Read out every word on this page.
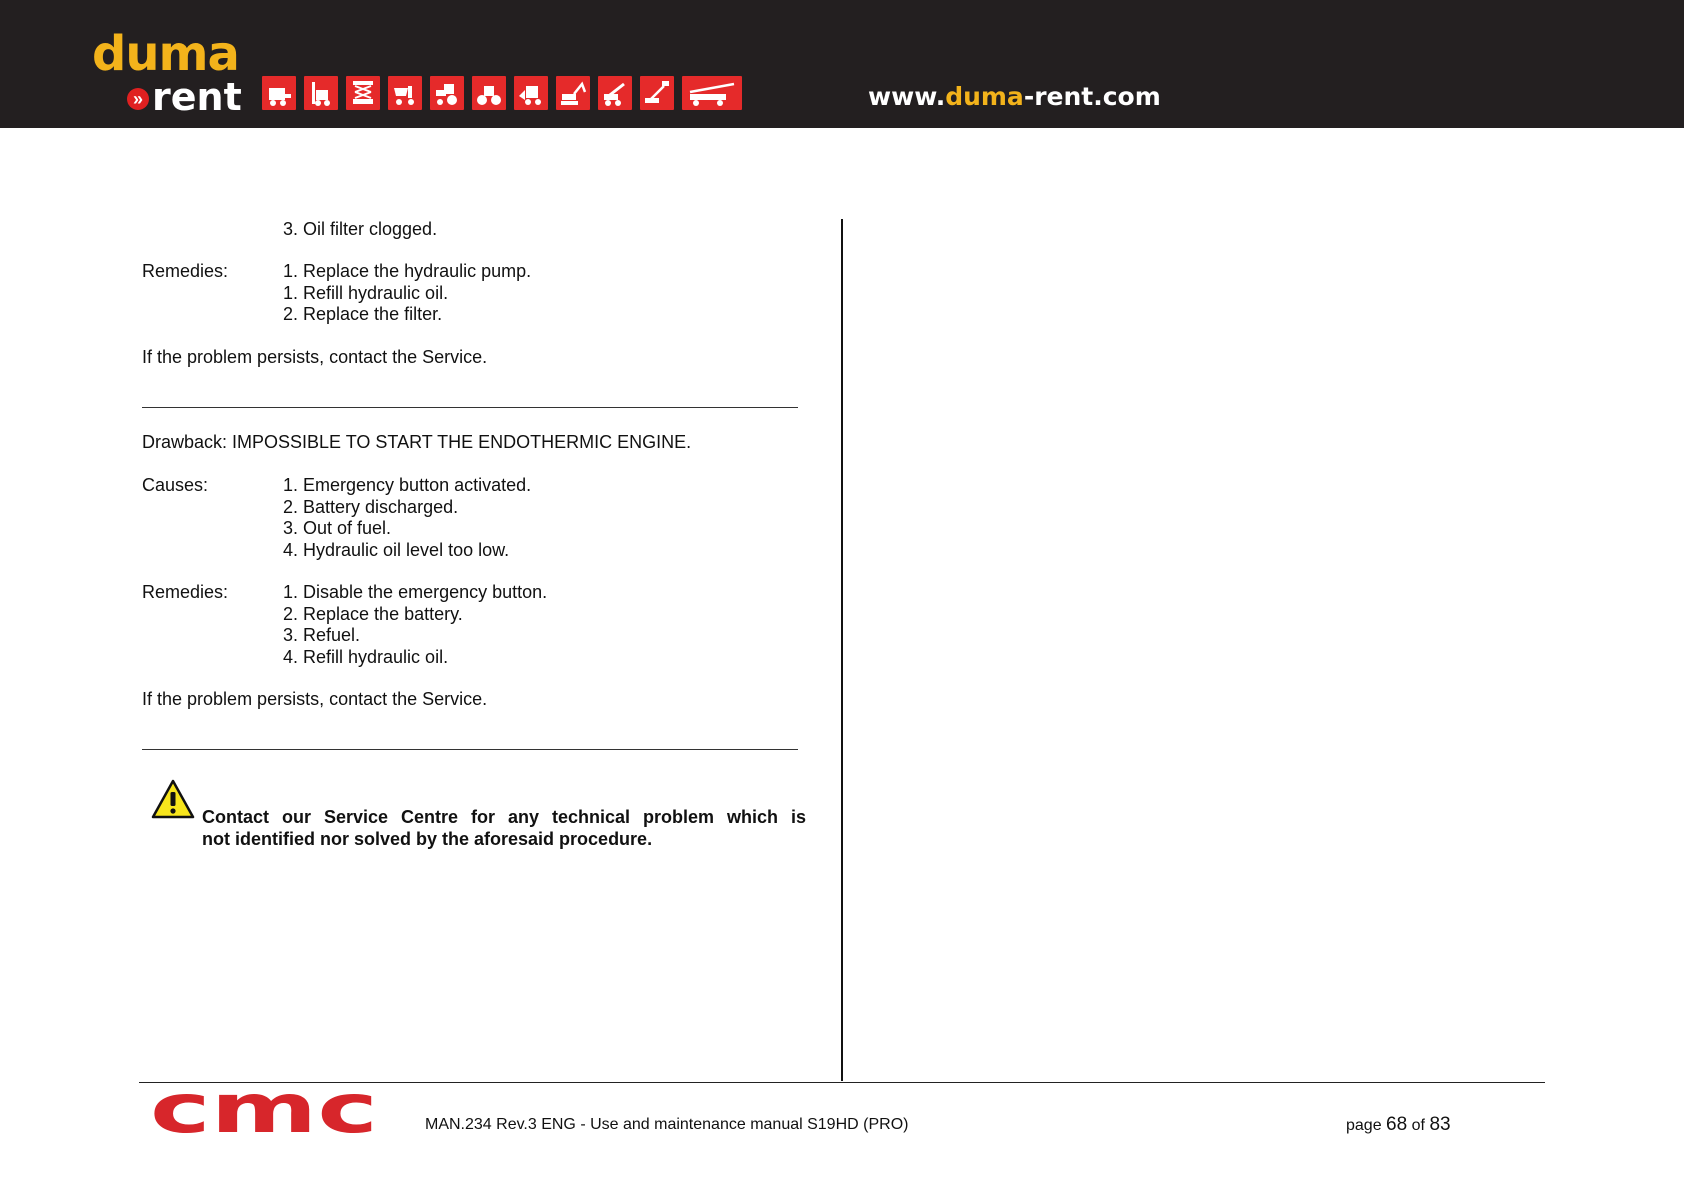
duma
» rent	www.duma-rent.com
3. Oil filter clogged.
Remedies:	1. Replace the hydraulic pump.
1. Refill hydraulic oil.
2. Replace the filter.
If the problem persists, contact the Service.
Drawback: IMPOSSIBLE TO START THE ENDOTHERMIC ENGINE.
Causes:	1. Emergency button activated.
2. Battery discharged.
3. Out of fuel.
4. Hydraulic oil level too low.
Remedies:	1. Disable the emergency button.
2. Replace the battery.
3. Refuel.
4. Refill hydraulic oil.
If the problem persists, contact the Service.
Contact our Service Centre for any technical problem which is
not identified nor solved by the aforesaid procedure.
cmc	MAN.234 Rev.3 ENG - Use and maintenance manual S19HD (PRO)	page 68 of 83
